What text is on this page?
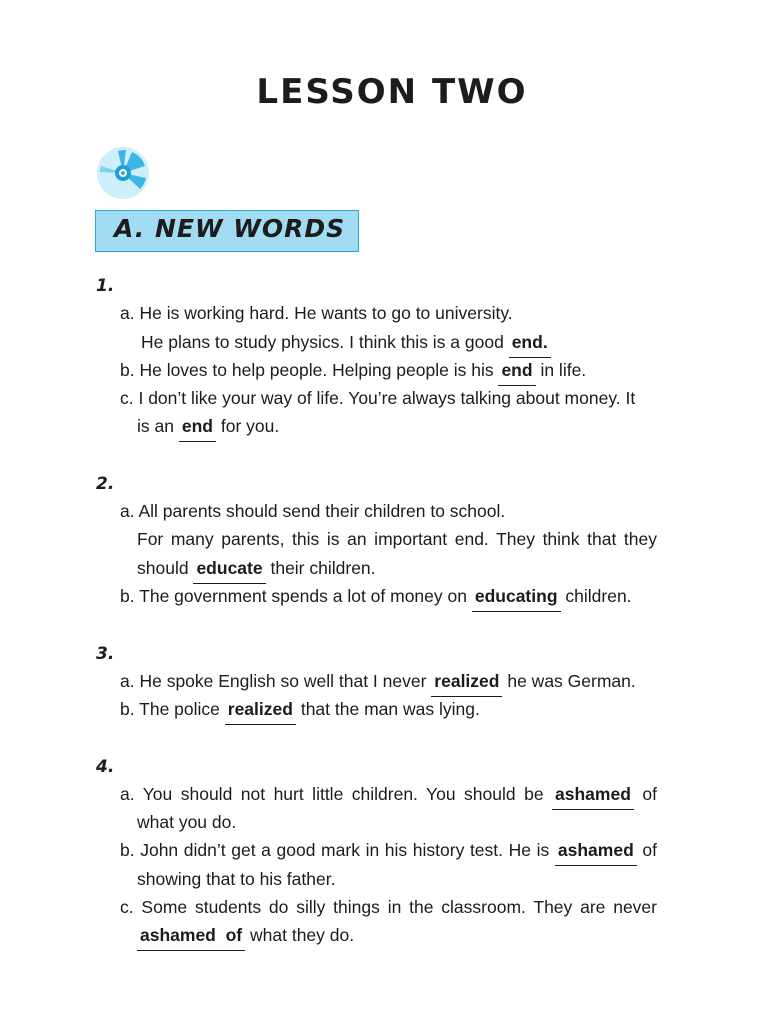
LESSON TWO
A. NEW WORDS
1.
a. He is working hard. He wants to go to university.
He plans to study physics. I think this is a good end.
b. He loves to help people. Helping people is his end in life.
c. I don’t like your way of life. You’re always talking about money. It
is an end for you.
2.
a. All parents should send their children to school.
For many parents, this is an important end. They think that they
should educate their children.
b. The government spends a lot of money on educating children.
3.
a. He spoke English so well that I never realized he was German.
b. The police realized that the man was lying.
4.
a. You should not hurt little children. You should be ashamed of
what you do.
b. John didn’t get a good mark in his history test. He is ashamed of
showing that to his father.
c. Some students do silly things in the classroom. They are never
ashamed  of what they do.
